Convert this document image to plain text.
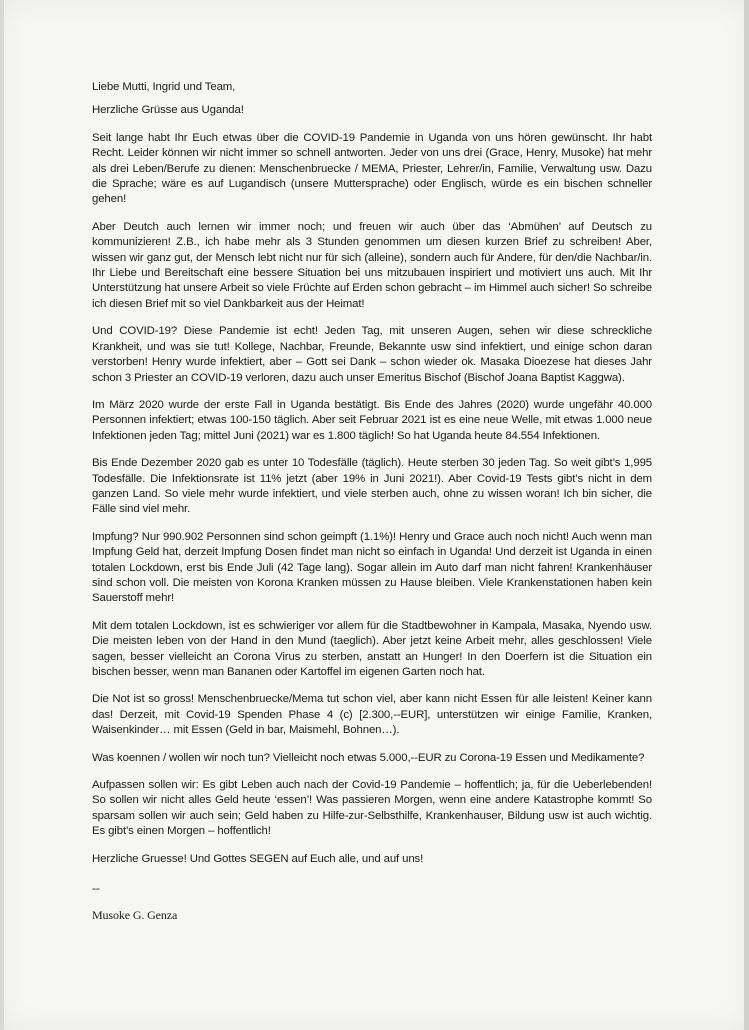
Liebe Mutti, Ingrid und Team,

Herzliche Grüsse aus Uganda!

Seit lange habt Ihr Euch etwas über die COVID-19 Pandemie in Uganda von uns hören gewünscht. Ihr habt Recht. Leider können wir nicht immer so schnell antworten. Jeder von uns drei (Grace, Henry, Musoke) hat mehr als drei Leben/Berufe zu dienen: Menschenbruecke / MEMA, Priester, Lehrer/in, Familie, Verwaltung usw. Dazu die Sprache; wäre es auf Lugandisch (unsere Muttersprache) oder Englisch, würde es ein bischen schneller gehen!

Aber Deutch auch lernen wir immer noch; und freuen wir auch über das ‘Abmühen’ auf Deutsch zu kommunizieren! Z.B., ich habe mehr als 3 Stunden genommen um diesen kurzen Brief zu schreiben! Aber, wissen wir ganz gut, der Mensch lebt nicht nur für sich (alleine), sondern auch für Andere, für den/die Nachbar/in. Ihr Liebe und Bereitschaft eine bessere Situation bei uns mitzubauen inspiriert und motiviert uns auch. Mit Ihr Unterstützung hat unsere Arbeit so viele Früchte auf Erden schon gebracht – im Himmel auch sicher! So schreibe ich diesen Brief mit so viel Dankbarkeit aus der Heimat!

Und COVID-19? Diese Pandemie ist echt! Jeden Tag, mit unseren Augen, sehen wir diese schreckliche Krankheit, und was sie tut! Kollege, Nachbar, Freunde, Bekannte usw sind infektiert, und einige schon daran verstorben! Henry wurde infektiert, aber – Gott sei Dank – schon wieder ok. Masaka Dioezese hat dieses Jahr schon 3 Priester an COVID-19 verloren, dazu auch unser Emeritus Bischof (Bischof Joana Baptist Kaggwa).

Im März 2020 wurde der erste Fall in Uganda bestätigt. Bis Ende des Jahres (2020) wurde ungefähr 40.000 Personnen infektiert; etwas 100-150 täglich. Aber seit Februar 2021 ist es eine neue Welle, mit etwas 1.000 neue Infektionen jeden Tag; mittel Juni (2021) war es 1.800 täglich! So hat Uganda heute 84.554 Infektionen.

Bis Ende Dezember 2020 gab es unter 10 Todesfälle (täglich). Heute sterben 30 jeden Tag. So weit gibt’s 1,995 Todesfälle. Die Infektionsrate ist 11% jetzt (aber 19% in Juni 2021!). Aber Covid-19 Tests gibt’s nicht in dem ganzen Land. So viele mehr wurde infektiert, und viele sterben auch, ohne zu wissen woran! Ich bin sicher, die Fälle sind viel mehr.

Impfung? Nur 990.902 Personnen sind schon geimpft (1.1%)! Henry und Grace auch noch nicht! Auch wenn man Impfung Geld hat, derzeit Impfung Dosen findet man nicht so einfach in Uganda! Und derzeit ist Uganda in einen totalen Lockdown, erst bis Ende Juli (42 Tage lang). Sogar allein im Auto darf man nicht fahren! Krankenhäuser sind schon voll. Die meisten von Korona Kranken müssen zu Hause bleiben. Viele Krankenstationen haben kein Sauerstoff mehr!

Mit dem totalen Lockdown, ist es schwieriger vor allem für die Stadtbewohner in Kampala, Masaka, Nyendo usw. Die meisten leben von der Hand in den Mund (taeglich). Aber jetzt keine Arbeit mehr, alles geschlossen! Viele sagen, besser vielleicht an Corona Virus zu sterben, anstatt an Hunger! In den Doerfern ist die Situation ein bischen besser, wenn man Bananen oder Kartoffel im eigenen Garten noch hat.

Die Not ist so gross! Menschenbruecke/Mema tut schon viel, aber kann nicht Essen für alle leisten! Keiner kann das! Derzeit, mit Covid-19 Spenden Phase 4 (c) [2.300,--EUR], unterstützen wir einige Familie, Kranken, Waisenkinder… mit Essen (Geld in bar, Maismehl, Bohnen…).

Was koennen / wollen wir noch tun? Vielleicht noch etwas 5.000,--EUR zu Corona-19 Essen und Medikamente?

Aufpassen sollen wir: Es gibt Leben auch nach der Covid-19 Pandemie – hoffentlich; ja, für die Ueberlebenden! So sollen wir nicht alles Geld heute ‘essen’! Was passieren Morgen, wenn eine andere Katastrophe kommt! So sparsam sollen wir auch sein; Geld haben zu Hilfe-zur-Selbsthilfe, Krankenhauser, Bildung usw ist auch wichtig. Es gibt’s einen Morgen – hoffentlich!

Herzliche Gruesse! Und Gottes SEGEN auf Euch alle, und auf uns!

--

Musoke G. Genza
